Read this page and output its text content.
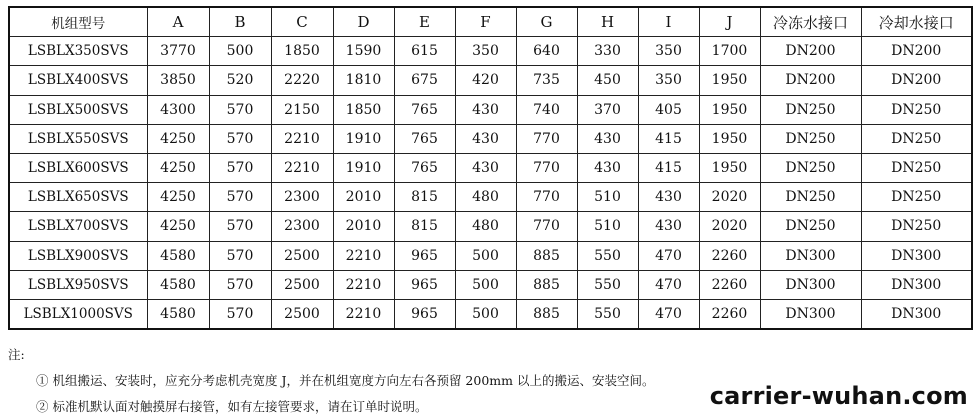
机组型号	A	B	C	D	E	F	G	H	I	J	冷冻水接口	冷却水接口
LSBLX350SVS	3770	500	1850	1590	615	350	640	330	350	1700	DN200	DN200
LSBLX400SVS	3850	520	2220	1810	675	420	735	450	350	1950	DN200	DN200
LSBLX500SVS	4300	570	2150	1850	765	430	740	370	405	1950	DN250	DN250
LSBLX550SVS	4250	570	2210	1910	765	430	770	430	415	1950	DN250	DN250
LSBLX600SVS	4250	570	2210	1910	765	430	770	430	415	1950	DN250	DN250
LSBLX650SVS	4250	570	2300	2010	815	480	770	510	430	2020	DN250	DN250
LSBLX700SVS	4250	570	2300	2010	815	480	770	510	430	2020	DN250	DN250
LSBLX900SVS	4580	570	2500	2210	965	500	885	550	470	2260	DN300	DN300
LSBLX950SVS	4580	570	2500	2210	965	500	885	550	470	2260	DN300	DN300
LSBLX1000SVS	4580	570	2500	2210	965	500	885	550	470	2260	DN300	DN300
注:
① 机组搬运、安装时，应充分考虑机壳宽度 J，并在机组宽度方向左右各预留 200mm 以上的搬运、安装空间。
② 标准机默认面对触摸屏右接管，如有左接管要求，请在订单时说明。	carrier-wuhan.com
